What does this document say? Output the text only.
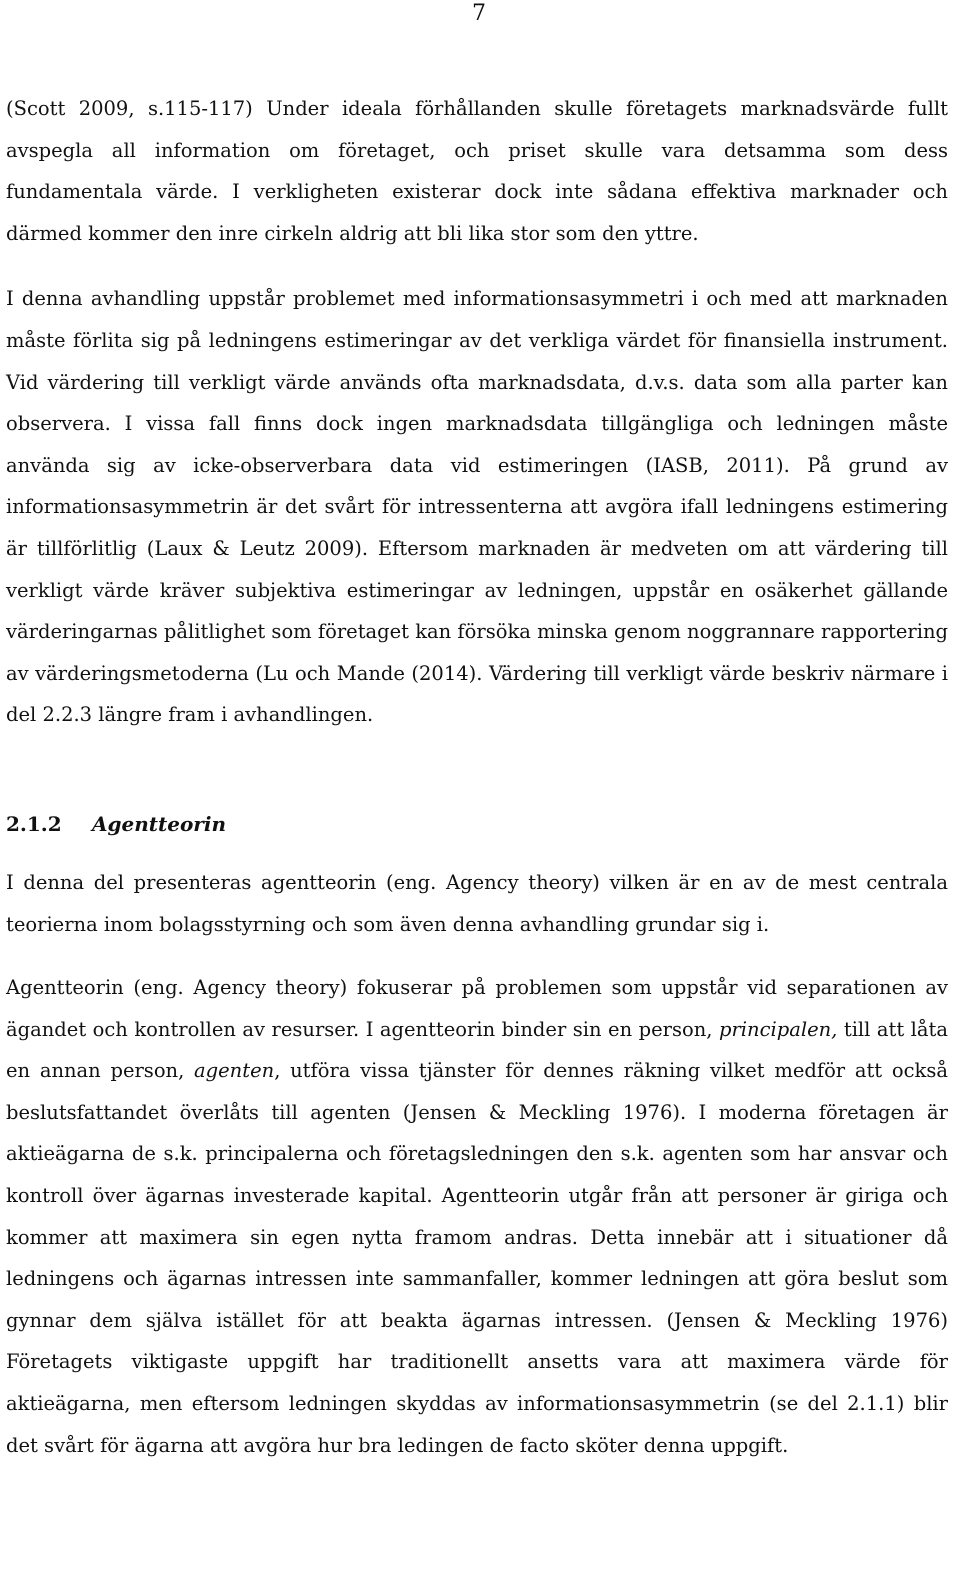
7

(Scott 2009, s.115-117) Under ideala förhållanden skulle företagets marknadsvärde fullt avspegla all information om företaget, och priset skulle vara detsamma som dess fundamentala värde. I verkligheten existerar dock inte sådana effektiva marknader och därmed kommer den inre cirkeln aldrig att bli lika stor som den yttre.

I denna avhandling uppstår problemet med informationsasymmetri i och med att marknaden måste förlita sig på ledningens estimeringar av det verkliga värdet för finansiella instrument. Vid värdering till verkligt värde används ofta marknadsdata, d.v.s. data som alla parter kan observera. I vissa fall finns dock ingen marknadsdata tillgängliga och ledningen måste använda sig av icke-observerbara data vid estimeringen (IASB, 2011). På grund av informationsasymmetrin är det svårt för intressenterna att avgöra ifall ledningens estimering är tillförlitlig (Laux & Leutz 2009). Eftersom marknaden är medveten om att värdering till verkligt värde kräver subjektiva estimeringar av ledningen, uppstår en osäkerhet gällande värderingarnas pålitlighet som företaget kan försöka minska genom noggrannare rapportering av värderingsmetoderna (Lu och Mande (2014). Värdering till verkligt värde beskriv närmare i del 2.2.3 längre fram i avhandlingen.

2.1.2 Agentteorin

I denna del presenteras agentteorin (eng. Agency theory) vilken är en av de mest centrala teorierna inom bolagsstyrning och som även denna avhandling grundar sig i.

Agentteorin (eng. Agency theory) fokuserar på problemen som uppstår vid separationen av ägandet och kontrollen av resurser. I agentteorin binder sin en person, principalen, till att låta en annan person, agenten, utföra vissa tjänster för dennes räkning vilket medför att också beslutsfattandet överlåts till agenten (Jensen & Meckling 1976). I moderna företagen är aktieägarna de s.k. principalerna och företagsledningen den s.k. agenten som har ansvar och kontroll över ägarnas investerade kapital. Agentteorin utgår från att personer är giriga och kommer att maximera sin egen nytta framom andras. Detta innebär att i situationer då ledningens och ägarnas intressen inte sammanfaller, kommer ledningen att göra beslut som gynnar dem själva istället för att beakta ägarnas intressen. (Jensen & Meckling 1976) Företagets viktigaste uppgift har traditionellt ansetts vara att maximera värde för aktieägarna, men eftersom ledningen skyddas av informationsasymmetrin (se del 2.1.1) blir det svårt för ägarna att avgöra hur bra ledingen de facto sköter denna uppgift.
